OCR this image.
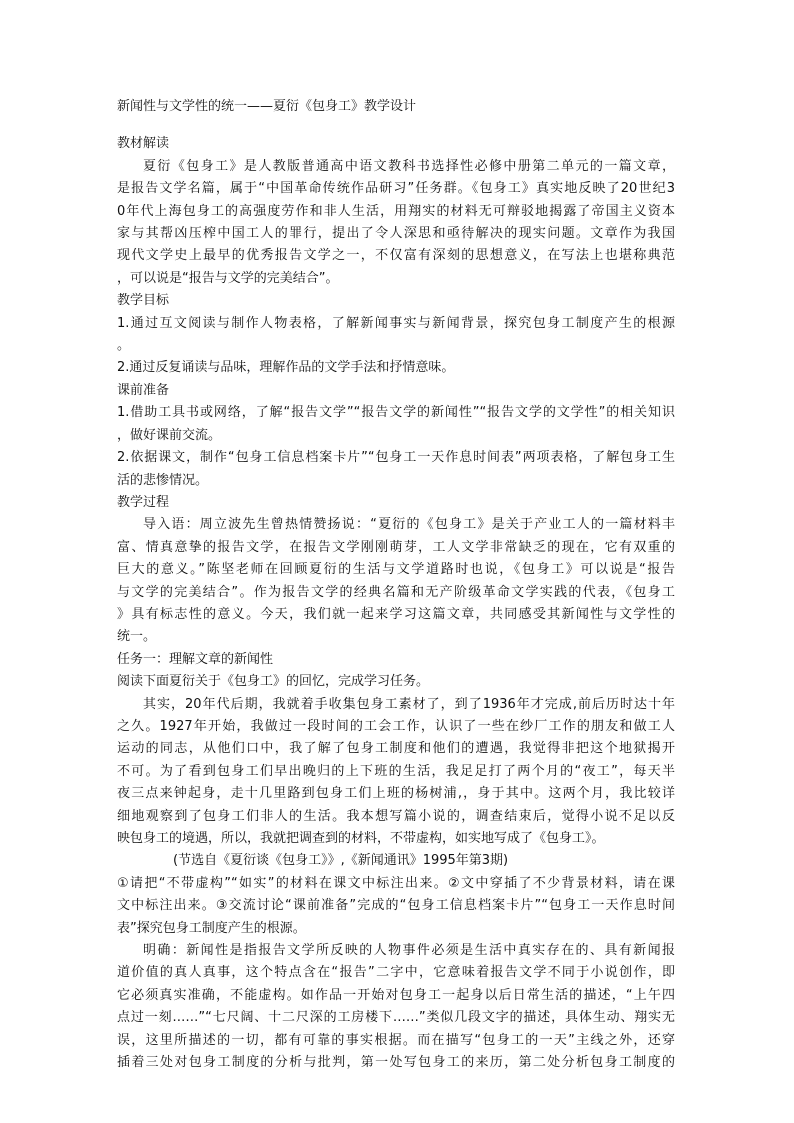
新闻性与文学性的统一——夏衍《包身工》教学设计
教材解读
夏衍《包身工》是人教版普通高中语文教科书选择性必修中册第二单元的一篇文章，
是报告文学名篇，属于“中国革命传统作品研习”任务群。《包身工》真实地反映了20世纪3
0年代上海包身工的高强度劳作和非人生活，用翔实的材料无可辩驳地揭露了帝国主义资本
家与其帮凶压榨中国工人的罪行，提出了令人深思和亟待解决的现实问题。文章作为我国
现代文学史上最早的优秀报告文学之一，不仅富有深刻的思想意义，在写法上也堪称典范
，可以说是“报告与文学的完美结合”。
教学目标
1.通过互文阅读与制作人物表格，了解新闻事实与新闻背景，探究包身工制度产生的根源
。
2.通过反复诵读与品味，理解作品的文学手法和抒情意味。
课前准备
1.借助工具书或网络，了解“报告文学”“报告文学的新闻性”“报告文学的文学性”的相关知识
，做好课前交流。
2.依据课文，制作“包身工信息档案卡片”“包身工一天作息时间表”两项表格，了解包身工生
活的悲惨情况。
教学过程
导入语：周立波先生曾热情赞扬说：“夏衍的《包身工》是关于产业工人的一篇材料丰
富、情真意挚的报告文学，在报告文学刚刚萌芽，工人文学非常缺乏的现在，它有双重的
巨大的意义。”陈坚老师在回顾夏衍的生活与文学道路时也说，《包身工》可以说是“报告
与文学的完美结合”。作为报告文学的经典名篇和无产阶级革命文学实践的代表，《包身工
》具有标志性的意义。今天，我们就一起来学习这篇文章，共同感受其新闻性与文学性的
统一。
任务一：理解文章的新闻性
阅读下面夏衍关于《包身工》的回忆，完成学习任务。
其实，20年代后期，我就着手收集包身工素材了，到了1936年才完成,前后历时达十年
之久。1927年开始，我做过一段时间的工会工作，认识了一些在纱厂工作的朋友和做工人
运动的同志，从他们口中，我了解了包身工制度和他们的遭遇，我觉得非把这个地狱揭开
不可。为了看到包身工们早出晚归的上下班的生活，我足足打了两个月的“夜工”，每天半
夜三点来钟起身，走十几里路到包身工们上班的杨树浦,，身于其中。这两个月，我比较详
细地观察到了包身工们非人的生活。我本想写篇小说的，调查结束后，觉得小说不足以反
映包身工的境遇，所以，我就把调查到的材料，不带虚构，如实地写成了《包身工》。
(节选自《夏衍谈《包身工》》,《新闻通讯》1995年第3期)
①请把“不带虚构”“如实”的材料在课文中标注出来。②文中穿插了不少背景材料，请在课
文中标注出来。③交流讨论“课前准备”完成的“包身工信息档案卡片”“包身工一天作息时间
表”探究包身工制度产生的根源。
明确：新闻性是指报告文学所反映的人物事件必须是生活中真实存在的、具有新闻报
道价值的真人真事，这个特点含在“报告”二字中，它意味着报告文学不同于小说创作，即
它必须真实准确，不能虚构。如作品一开始对包身工一起身以后日常生活的描述，“上午四
点过一刻……”“七尺阔、十二尺深的工房楼下……”类似几段文字的描述，具体生动、翔实无
误，这里所描述的一切，都有可靠的事实根据。而在描写“包身工的一天”主线之外，还穿
插着三处对包身工制度的分析与批判，第一处写包身工的来历，第二处分析包身工制度的
